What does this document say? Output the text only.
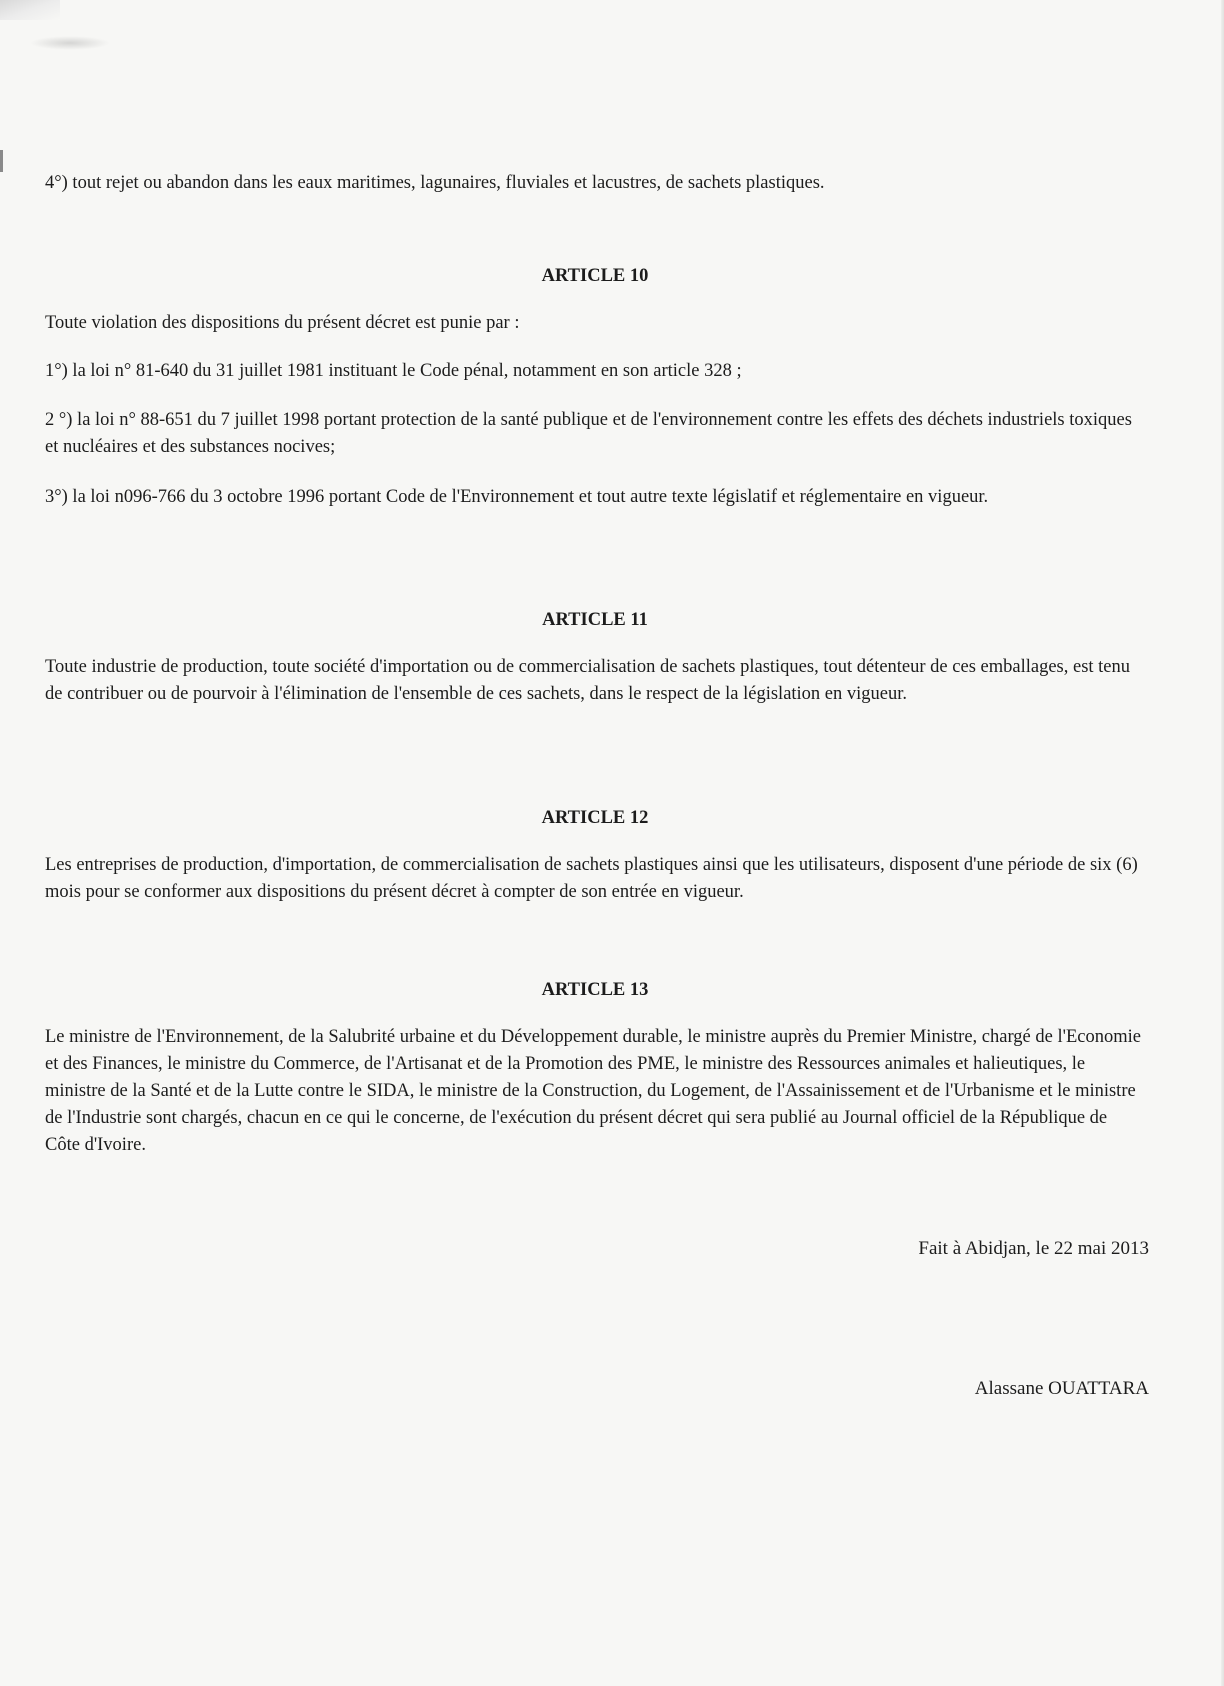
4°) tout rejet ou abandon dans les eaux maritimes, lagunaires, fluviales et lacustres, de sachets plastiques.

ARTICLE 10

Toute violation des dispositions du présent décret est punie par :

1°) la loi n° 81-640 du 31 juillet 1981 instituant le Code pénal, notamment en son article 328 ;

2 °) la loi n° 88-651 du 7 juillet 1998 portant protection de la santé publique et de l'environnement contre les effets des déchets industriels toxiques et nucléaires et des substances nocives;

3°) la loi n096-766 du 3 octobre 1996 portant Code de l'Environnement et tout autre texte législatif et réglementaire en vigueur.

ARTICLE 11

Toute industrie de production, toute société d'importation ou de commercialisation de sachets plastiques, tout détenteur de ces emballages, est tenu de contribuer ou de pourvoir à l'élimination de l'ensemble de ces sachets, dans le respect de la législation en vigueur.

ARTICLE 12

Les entreprises de production, d'importation, de commercialisation de sachets plastiques ainsi que les utilisateurs, disposent d'une période de six (6) mois pour se conformer aux dispositions du présent décret à compter de son entrée en vigueur.

ARTICLE 13

Le ministre de l'Environnement, de la Salubrité urbaine et du Développement durable, le ministre auprès du Premier Ministre, chargé de l'Economie et des Finances, le ministre du Commerce, de l'Artisanat et de la Promotion des PME, le ministre des Ressources animales et halieutiques, le ministre de la Santé et de la Lutte contre le SIDA, le ministre de la Construction, du Logement, de l'Assainissement et de l'Urbanisme et le ministre de l'Industrie sont chargés, chacun en ce qui le concerne, de l'exécution du présent décret qui sera publié au Journal officiel de la République de Côte d'Ivoire.

Fait à Abidjan, le 22 mai 2013
Alassane OUATTARA
